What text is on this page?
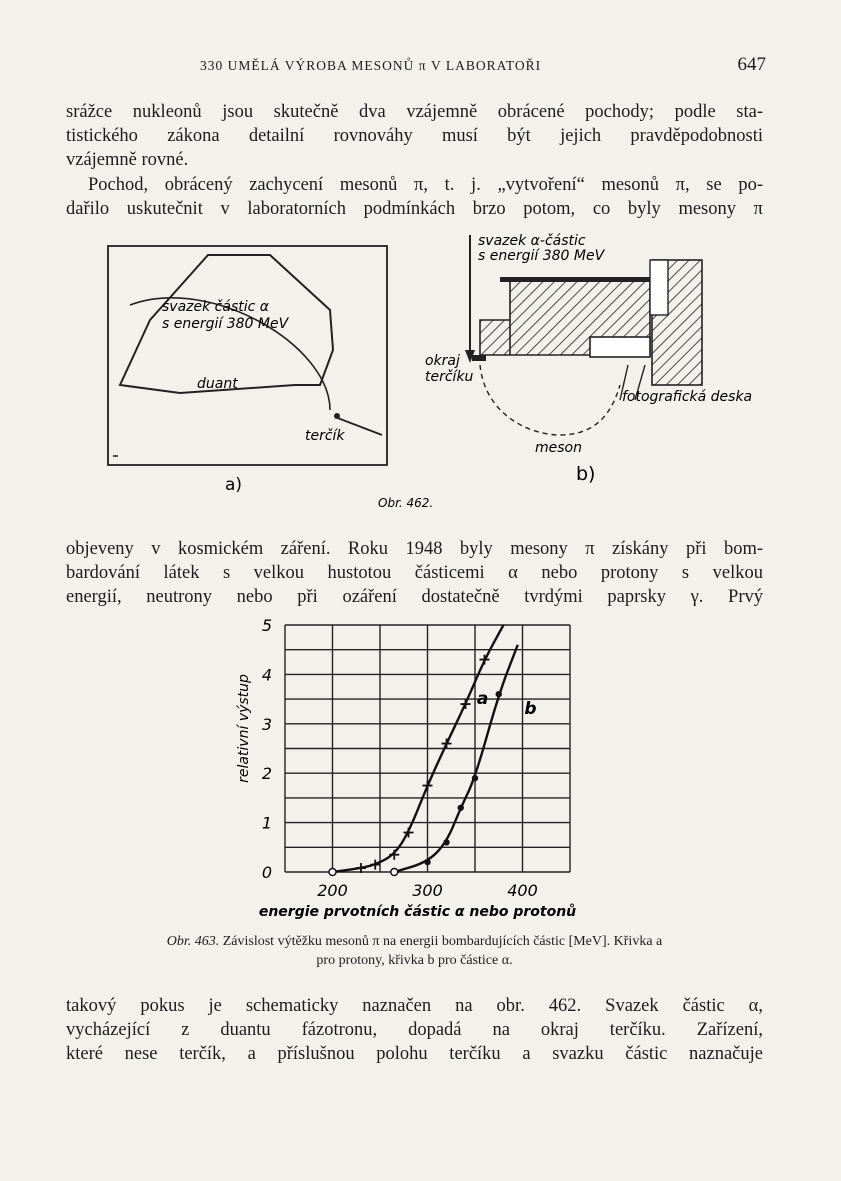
330 UMĚLÁ VÝROBA MESONŮ π V LABORATOŘI	647
srážce nukleonů jsou skutečně dva vzájemně obrácené pochody; podle sta-
tistického zákona detailní rovnováhy musí být jejich pravděpodobnosti
vzájemně rovné.
Pochod, obrácený zachycení mesonů π, t. j. „vytvoření“ mesonů π, se po-
dařilo uskutečnit v laboratorních podmínkách brzo potom, co byly mesony π
svazek částic α
s energií 380 MeV
duant
terčík
a)
svazek α-částic
s energií 380 MeV
okraj
terčíku
fotografická deska
meson
b)
Obr. 462.
objeveny v kosmickém záření. Roku 1948 byly mesony π získány při bom-
bardování látek s velkou hustotou částicemi α nebo protony s velkou
energií, neutrony nebo při ozáření dostatečně tvrdými paprsky γ. Prvý
200	300	400
0
1
2
3
4
5
energie prvotních částic α nebo protonů
relativní výstup	a b
Obr. 463. Závislost výtěžku mesonů π na energii bombardujících částic [MeV]. Křivka a
pro protony, křivka b pro částice α.
takový pokus je schematicky naznačen na obr. 462. Svazek částic α,
vycházející z duantu fázotronu, dopadá na okraj terčíku. Zařízení,
které nese terčík, a příslušnou polohu terčíku a svazku částic naznačuje
